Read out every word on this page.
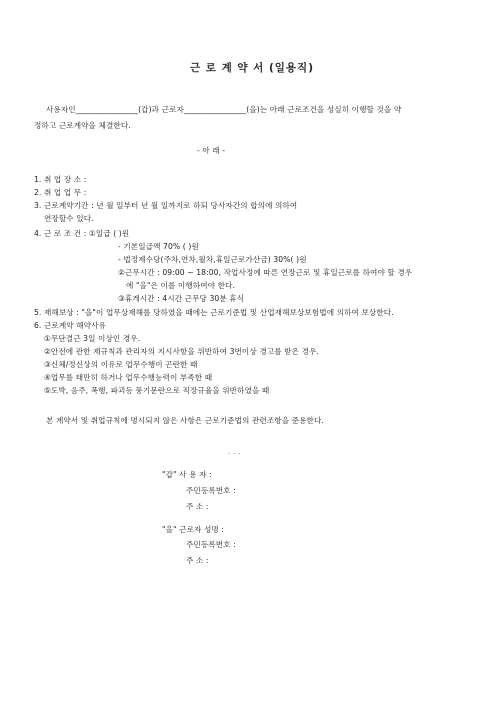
근 로 계 약 서 (일용직)
사용자인________________(갑)과 근로자________________(을)는 아래 근로조건을 성실히 이행할 것을 약
정하고 근로계약을 체결한다.
- 아 래 -
1. 취 업 장 소 :
2. 취 업 업 무 :
3. 근로계약기간 : 년 월 일부터 년 월 일까지로 하되 당사자간의 합의에 의하여
연장할수 있다.
4. 근 로 조 건 : ①일급 ( )원
- 기본일급액 70% ( )원
- 법정제수당(주차,연차,월차,휴일근로가산금) 30%( )원
②근무시간 : 09:00 ~ 18:00, 작업사정에 따른 연장근로 및 휴일근로를 하여야 할 경우
에 "을"은 이를 이행하여야 한다.
③휴게시간 : 4시간 근무당 30분 휴식
5. 재해보상 : "을"이 업무상재해를 당하였을 때에는 근로기준법 및 산업재해보상보험법에 의하여 보상한다.
6. 근로계약 해약사유
①무단결근 3일 이상인 경우.
②안전에 관한 제규칙과 관리자의 지시사항을 위반하여 3번이상 경고를 받은 경우.
③신체/정신상의 이유로 업무수행이 곤란한 때
④업무를 태만히 하거나 업무수행능력이 부족한 때
⑤도박, 음주, 폭행, 파괴등 풍기문란으로 직장규율을 위반하였을 때
본 계약서 및 취업규칙에 명시되지 않은 사항은 근로기준법의 관련조항을 준용한다.
. . .
"갑" 사 용 자 :
주민등록번호 :
주 소 :
"을" 근로자 성명 :
주민등록번호 :
주 소 :
